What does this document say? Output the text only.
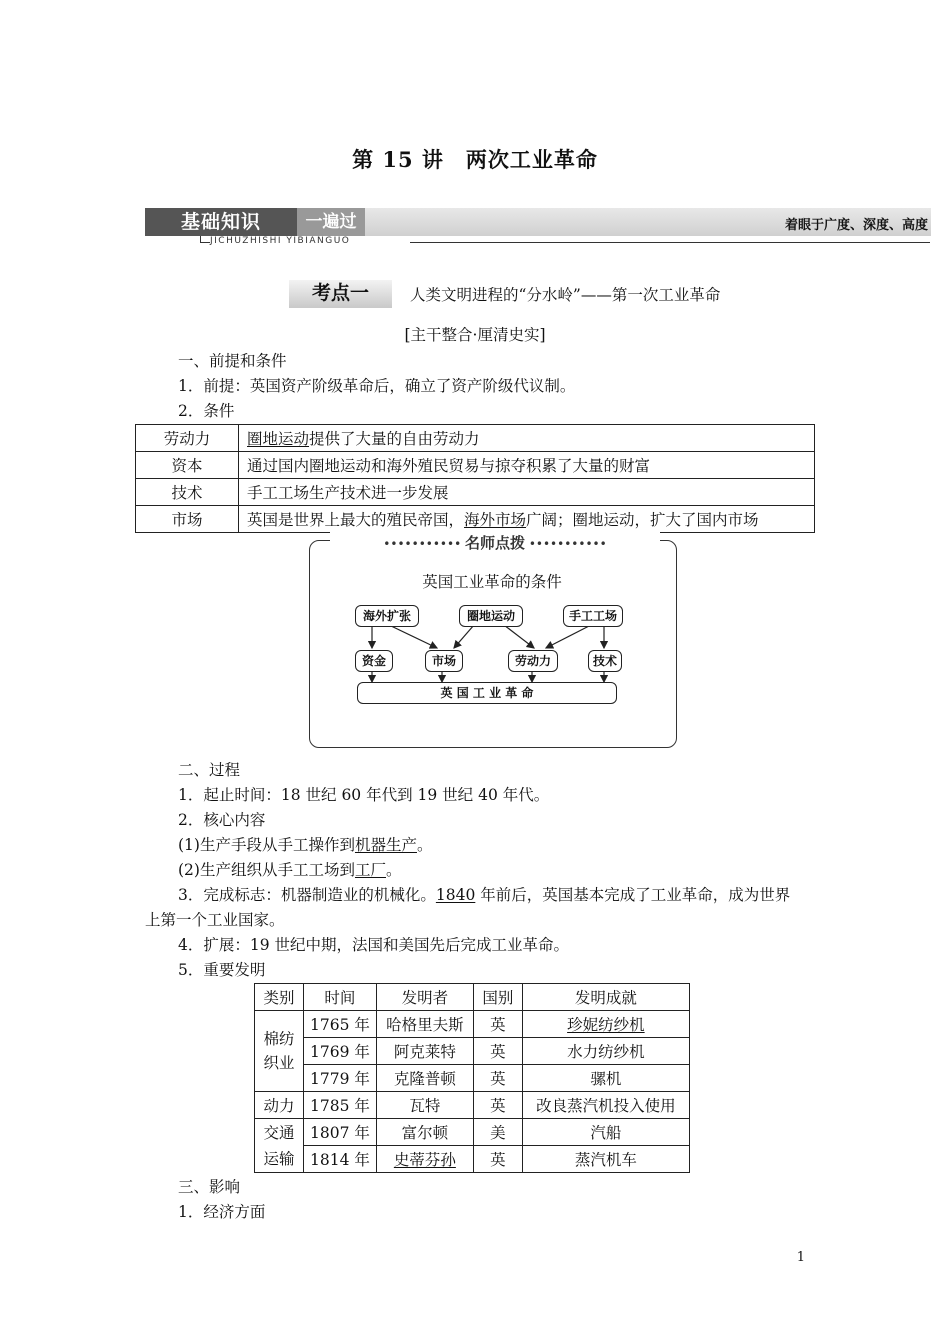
第 15 讲　两次工业革命
基础知识	一遍过	着眼于广度、深度、高度
JICHUZHISHI YIBIANGUO
考点一	人类文明进程的“分水岭”——第一次工业革命
[主干整合·厘清史实]
一、前提和条件
1．前提：英国资产阶级革命后，确立了资产阶级代议制。
2．条件
劳动力	圈地运动提供了大量的自由劳动力
资本	通过国内圈地运动和海外殖民贸易与掠夺积累了大量的财富
技术	手工工场生产技术进一步发展
市场	英国是世界上最大的殖民帝国，海外市场广阔；圈地运动，扩大了国内市场
••••••••••• 名师点拨 •••••••••••
英国工业革命的条件
海外扩张	圈地运动	手工工场
资金	市场	劳动力	技术
英 国 工 业 革 命
二、过程
1．起止时间：18 世纪 60 年代到 19 世纪 40 年代。
2．核心内容
(1)生产手段从手工操作到机器生产。
(2)生产组织从手工工场到工厂。
3．完成标志：机器制造业的机械化。1840 年前后，英国基本完成了工业革命，成为世界
上第一个工业国家。
4．扩展：19 世纪中期，法国和美国先后完成工业革命。
5．重要发明
类别	时间	发明者	国别	发明成就
棉纺织业	1765 年	哈格里夫斯	英	珍妮纺纱机
	1769 年	阿克莱特	英	水力纺纱机
	1779 年	克隆普顿	英	骡机
动力	1785 年	瓦特	英	改良蒸汽机投入使用
交通运输	1807 年	富尔顿	美	汽船
	1814 年	史蒂芬孙	英	蒸汽机车
三、影响
1．经济方面
1
